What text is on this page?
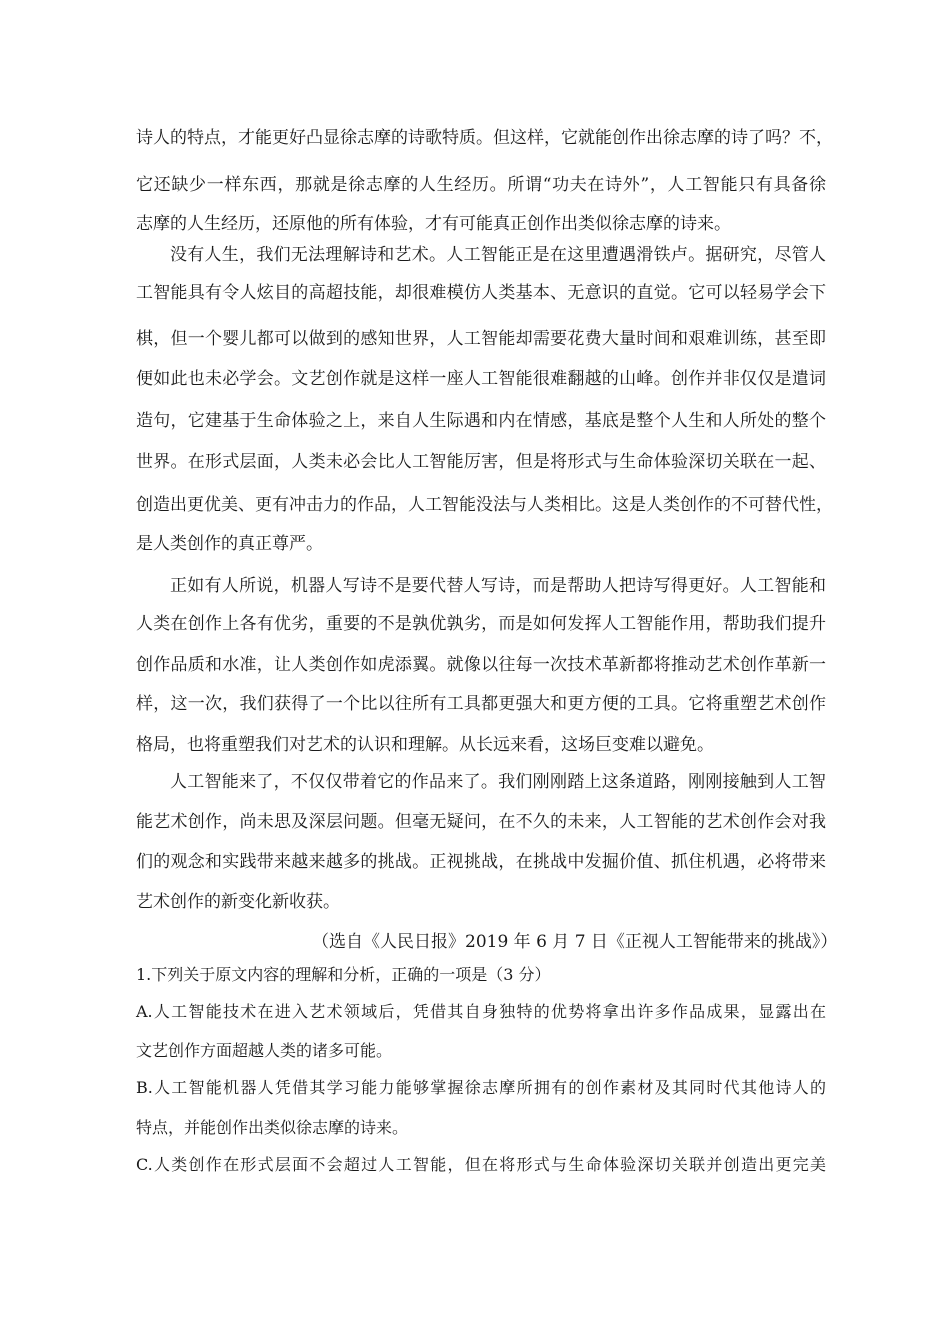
诗人的特点，才能更好凸显徐志摩的诗歌特质。但这样，它就能创作出徐志摩的诗了吗？不，
它还缺少一样东西，那就是徐志摩的人生经历。所谓“功夫在诗外”，人工智能只有具备徐
志摩的人生经历，还原他的所有体验，才有可能真正创作出类似徐志摩的诗来。
没有人生，我们无法理解诗和艺术。人工智能正是在这里遭遇滑铁卢。据研究，尽管人
工智能具有令人炫目的高超技能，却很难模仿人类基本、无意识的直觉。它可以轻易学会下
棋，但一个婴儿都可以做到的感知世界，人工智能却需要花费大量时间和艰难训练，甚至即
便如此也未必学会。文艺创作就是这样一座人工智能很难翻越的山峰。创作并非仅仅是遣词
造句，它建基于生命体验之上，来自人生际遇和内在情感，基底是整个人生和人所处的整个
世界。在形式层面，人类未必会比人工智能厉害，但是将形式与生命体验深切关联在一起、
创造出更优美、更有冲击力的作品，人工智能没法与人类相比。这是人类创作的不可替代性，
是人类创作的真正尊严。
正如有人所说，机器人写诗不是要代替人写诗，而是帮助人把诗写得更好。人工智能和
人类在创作上各有优劣，重要的不是孰优孰劣，而是如何发挥人工智能作用，帮助我们提升
创作品质和水准，让人类创作如虎添翼。就像以往每一次技术革新都将推动艺术创作革新一
样，这一次，我们获得了一个比以往所有工具都更强大和更方便的工具。它将重塑艺术创作
格局，也将重塑我们对艺术的认识和理解。从长远来看，这场巨变难以避免。
人工智能来了，不仅仅带着它的作品来了。我们刚刚踏上这条道路，刚刚接触到人工智
能艺术创作，尚未思及深层问题。但毫无疑问，在不久的未来，人工智能的艺术创作会对我
们的观念和实践带来越来越多的挑战。正视挑战，在挑战中发掘价值、抓住机遇，必将带来
艺术创作的新变化新收获。
（选自《人民日报》2019 年 6 月 7 日《正视人工智能带来的挑战》）
1.下列关于原文内容的理解和分析，正确的一项是（3 分）
A.人工智能技术在进入艺术领域后，凭借其自身独特的优势将拿出许多作品成果，显露出在
文艺创作方面超越人类的诸多可能。
B.人工智能机器人凭借其学习能力能够掌握徐志摩所拥有的创作素材及其同时代其他诗人的
特点，并能创作出类似徐志摩的诗来。
C.人类创作在形式层面不会超过人工智能，但在将形式与生命体验深切关联并创造出更完美
